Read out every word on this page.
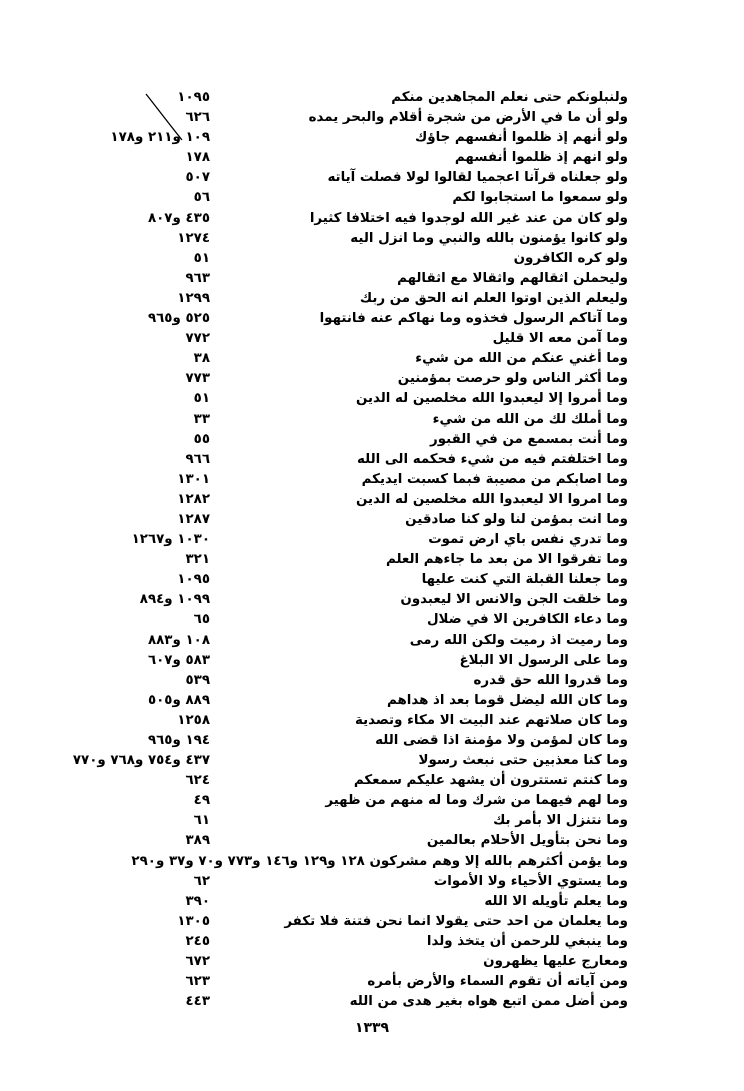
ولنبلونكم حتى نعلم المجاهدين منكم
١٠٩٥
ولو أن ما في الأرض من شجرة أقلام والبحر يمده
٦٢٦
ولو أنهم إذ ظلموا أنفسهم جاؤك
١٠٩ و٢١١ و١٧٨
ولو انهم إذ ظلموا أنفسهم
١٧٨
ولو جعلناه قرآنا اعجميا لقالوا لولا فصلت آياته
٥٠٧
ولو سمعوا ما استجابوا لكم
٥٦
ولو كان من عند غير الله لوجدوا فيه اختلافا كثيرا
٤٣٥ و٨٠٧
ولو كانوا يؤمنون بالله والنبي وما انزل اليه
١٢٧٤
ولو كره الكافرون
٥١
وليحملن اثقالهم واثقالا مع اثقالهم
٩٦٣
وليعلم الذين اوتوا العلم انه الحق من ربك
١٢٩٩
وما آتاكم الرسول فخذوه وما نهاكم عنه فانتهوا
٥٢٥ و٩٦٥
وما آمن معه الا قليل
٧٧٢
وما أغني عنكم من الله من شيء
٣٨
وما أكثر الناس ولو حرصت بمؤمنين
٧٧٣
وما أمروا إلا ليعبدوا الله مخلصين له الدين
٥١
وما أملك لك من الله من شيء
٣٣
وما أنت بمسمع من في القبور
٥٥
وما اختلفتم فيه من شيء فحكمه الى الله
٩٦٦
وما اصابكم من مصيبة فبما كسبت ايديكم
١٣٠١
وما امروا الا ليعبدوا الله مخلصين له الدين
١٢٨٢
وما انت بمؤمن لنا ولو كنا صادقين
١٢٨٧
وما تدري نفس باي ارض تموت
١٠٣٠ و١٢٦٧
وما تفرقوا الا من بعد ما جاءهم العلم
٣٢١
وما جعلنا القبلة التي كنت عليها
١٠٩٥
وما خلقت الجن والانس الا ليعبدون
١٠٩٩ و٨٩٤
وما دعاء الكافرين الا في ضلال
٦٥
وما رميت اذ رميت ولكن الله رمى
١٠٨ و٨٨٣
وما على الرسول الا البلاغ
٥٨٣ و٦٠٧
وما قدروا الله حق قدره
٥٣٩
وما كان الله ليضل قوما بعد اذ هداهم
٨٨٩ و٥٠٥
وما كان صلاتهم عند البيت الا مكاء وتصدية
١٢٥٨
وما كان لمؤمن ولا مؤمنة اذا قضى الله
١٩٤ و٩٦٥
وما كنا معذبين حتى نبعث رسولا
٤٣٧ و٧٥٤ و٧٦٨ و٧٧٠
وما كنتم تستترون أن يشهد عليكم سمعكم
٦٢٤
وما لهم فيهما من شرك وما له منهم من ظهير
٤٩
وما نتنزل الا بأمر بك
٦١
وما نحن بتأويل الأحلام بعالمين
٣٨٩
وما يؤمن أكثرهم بالله إلا وهم مشركون ١٢٨ و١٢٩ و١٤٦ و٧٧٣ و٧٠ و٣٧ و٢٩٠
وما يستوي الأحياء ولا الأموات
٦٢
وما يعلم تأويله الا الله
٣٩٠
وما يعلمان من احد حتى يقولا انما نحن فتنة فلا تكفر
١٣٠٥
وما ينبغي للرحمن أن يتخذ ولدا
٢٤٥
ومعارج عليها يظهرون
٦٧٢
ومن آياته أن تقوم السماء والأرض بأمره
٦٢٣
ومن أضل ممن اتبع هواه بغير هدى من الله
٤٤٣
١٣٣٩
